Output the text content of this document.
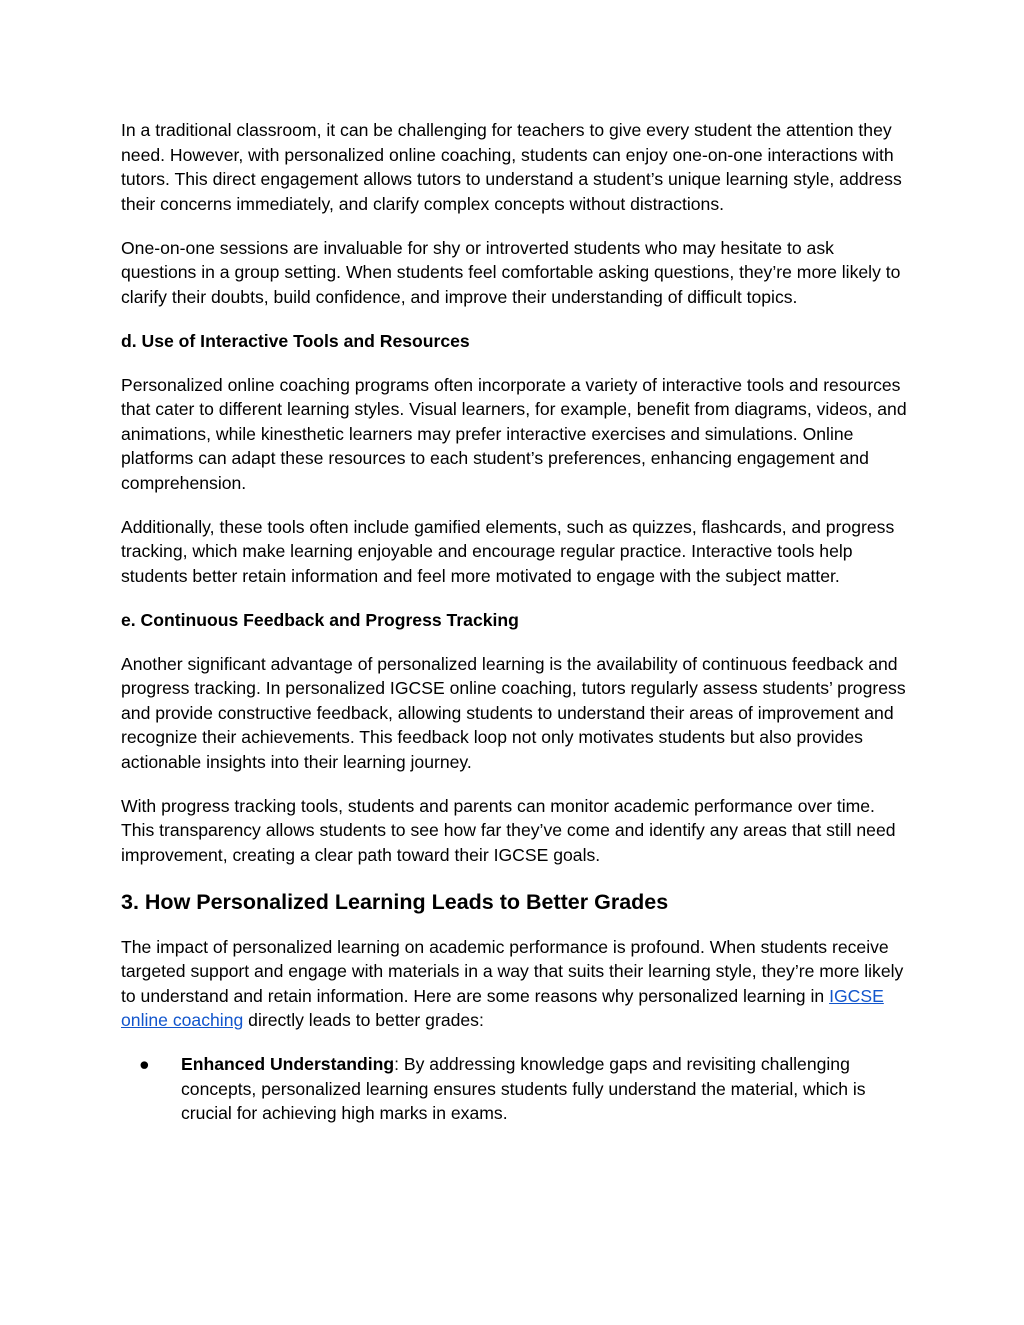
In a traditional classroom, it can be challenging for teachers to give every student the attention they need. However, with personalized online coaching, students can enjoy one-on-one interactions with tutors. This direct engagement allows tutors to understand a student’s unique learning style, address their concerns immediately, and clarify complex concepts without distractions.

One-on-one sessions are invaluable for shy or introverted students who may hesitate to ask questions in a group setting. When students feel comfortable asking questions, they’re more likely to clarify their doubts, build confidence, and improve their understanding of difficult topics.

d. Use of Interactive Tools and Resources

Personalized online coaching programs often incorporate a variety of interactive tools and resources that cater to different learning styles. Visual learners, for example, benefit from diagrams, videos, and animations, while kinesthetic learners may prefer interactive exercises and simulations. Online platforms can adapt these resources to each student’s preferences, enhancing engagement and comprehension.

Additionally, these tools often include gamified elements, such as quizzes, flashcards, and progress tracking, which make learning enjoyable and encourage regular practice. Interactive tools help students better retain information and feel more motivated to engage with the subject matter.

e. Continuous Feedback and Progress Tracking

Another significant advantage of personalized learning is the availability of continuous feedback and progress tracking. In personalized IGCSE online coaching, tutors regularly assess students’ progress and provide constructive feedback, allowing students to understand their areas of improvement and recognize their achievements. This feedback loop not only motivates students but also provides actionable insights into their learning journey.

With progress tracking tools, students and parents can monitor academic performance over time. This transparency allows students to see how far they’ve come and identify any areas that still need improvement, creating a clear path toward their IGCSE goals.

3. How Personalized Learning Leads to Better Grades

The impact of personalized learning on academic performance is profound. When students receive targeted support and engage with materials in a way that suits their learning style, they’re more likely to understand and retain information. Here are some reasons why personalized learning in IGCSE online coaching directly leads to better grades:

● Enhanced Understanding: By addressing knowledge gaps and revisiting challenging concepts, personalized learning ensures students fully understand the material, which is crucial for achieving high marks in exams.
